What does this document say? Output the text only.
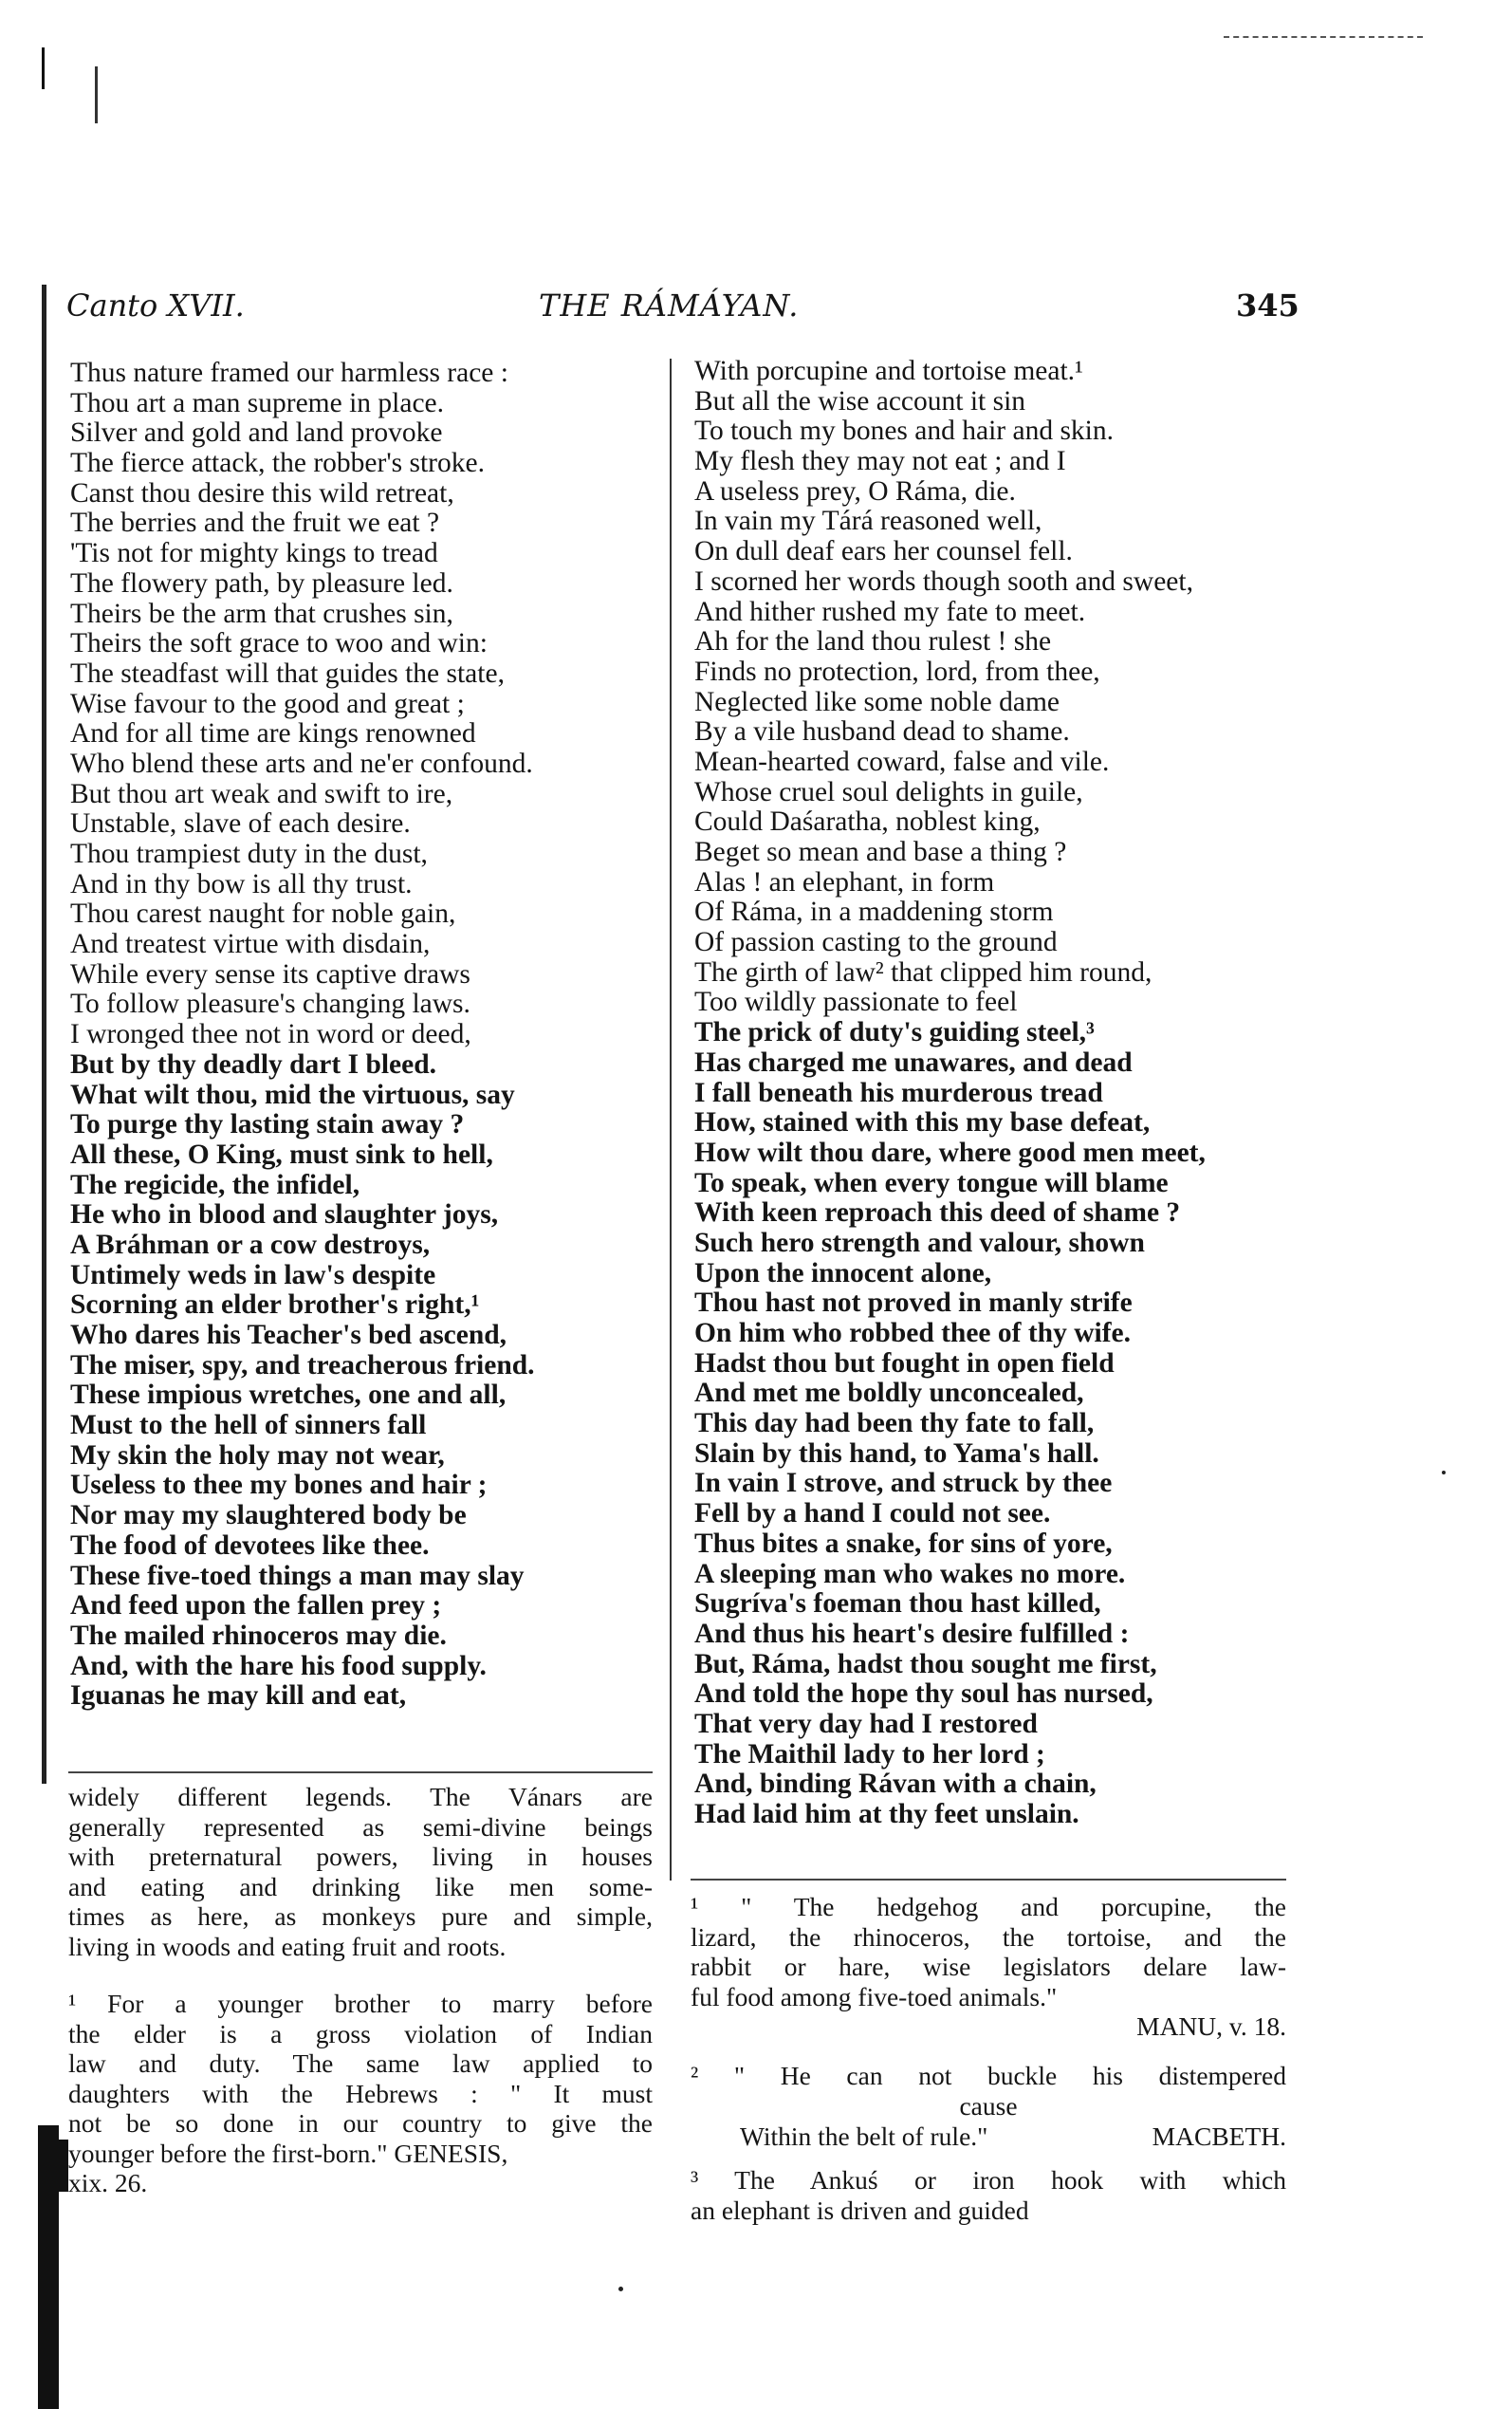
Canto XVII.	THE RÁMÁYAN.	345
Thus nature framed our harmless race :
Thou art a man supreme in place.
Silver and gold and land provoke
The fierce attack, the robber's stroke.
Canst thou desire this wild retreat,
The berries and the fruit we eat ?
'Tis not for mighty kings to tread
The flowery path, by pleasure led.
Theirs be the arm that crushes sin,
Theirs the soft grace to woo and win:
The steadfast will that guides the state,
Wise favour to the good and great ;
And for all time are kings renowned
Who blend these arts and ne'er confound.
But thou art weak and swift to ire,
Unstable, slave of each desire.
Thou trampiest duty in the dust,
And in thy bow is all thy trust.
Thou carest naught for noble gain,
And treatest virtue with disdain,
While every sense its captive draws
To follow pleasure's changing laws.
I wronged thee not in word or deed,
But by thy deadly dart I bleed.
What wilt thou, mid the virtuous, say
To purge thy lasting stain away ?
All these, O King, must sink to hell,
The regicide, the infidel,
He who in blood and slaughter joys,
A Bráhman or a cow destroys,
Untimely weds in law's despite
Scorning an elder brother's right,¹
Who dares his Teacher's bed ascend,
The miser, spy, and treacherous friend.
These impious wretches, one and all,
Must to the hell of sinners fall
My skin the holy may not wear,
Useless to thee my bones and hair ;
Nor may my slaughtered body be
The food of devotees like thee.
These five-toed things a man may slay
And feed upon the fallen prey ;
The mailed rhinoceros may die.
And, with the hare his food supply.
Iguanas he may kill and eat,
With porcupine and tortoise meat.¹
But all the wise account it sin
To touch my bones and hair and skin.
My flesh they may not eat ; and I
A useless prey, O Ráma, die.
In vain my Tárá reasoned well,
On dull deaf ears her counsel fell.
I scorned her words though sooth and sweet,
And hither rushed my fate to meet.
Ah for the land thou rulest ! she
Finds no protection, lord, from thee,
Neglected like some noble dame
By a vile husband dead to shame.
Mean-hearted coward, false and vile.
Whose cruel soul delights in guile,
Could Daśaratha, noblest king,
Beget so mean and base a thing ?
Alas ! an elephant, in form
Of Ráma, in a maddening storm
Of passion casting to the ground
The girth of law² that clipped him round,
Too wildly passionate to feel
The prick of duty's guiding steel,³
Has charged me unawares, and dead
I fall beneath his murderous tread
How, stained with this my base defeat,
How wilt thou dare, where good men meet,
To speak, when every tongue will blame
With keen reproach this deed of shame ?
Such hero strength and valour, shown
Upon the innocent alone,
Thou hast not proved in manly strife
On him who robbed thee of thy wife.
Hadst thou but fought in open field
And met me boldly unconcealed,
This day had been thy fate to fall,
Slain by this hand, to Yama's hall.
In vain I strove, and struck by thee
Fell by a hand I could not see.
Thus bites a snake, for sins of yore,
A sleeping man who wakes no more.
Sugríva's foeman thou hast killed,
And thus his heart's desire fulfilled :
But, Ráma, hadst thou sought me first,
And told the hope thy soul has nursed,
That very day had I restored
The Maithil lady to her lord ;
And, binding Rávan with a chain,
Had laid him at thy feet unslain.
widely different legends. The Vánars are
generally represented as semi-divine beings
with preternatural powers, living in houses
and eating and drinking like men some-
times as here, as monkeys pure and simple,
living in woods and eating fruit and roots.
¹ For a younger brother to marry before
the elder is a gross violation of Indian
law and duty. The same law applied to
daughters with the Hebrews : " It must
not be so done in our country to give the
younger before the first-born." GENESIS,
xix. 26.
¹ " The hedgehog and porcupine, the
lizard, the rhinoceros, the tortoise, and the
rabbit or hare, wise legislators delare law-
ful food among five-toed animals."
MANU, v. 18.
² " He can not buckle his distempered
cause
Within the belt of rule."	MACBETH.
³ The Ankuś or iron hook with which
an elephant is driven and guided
